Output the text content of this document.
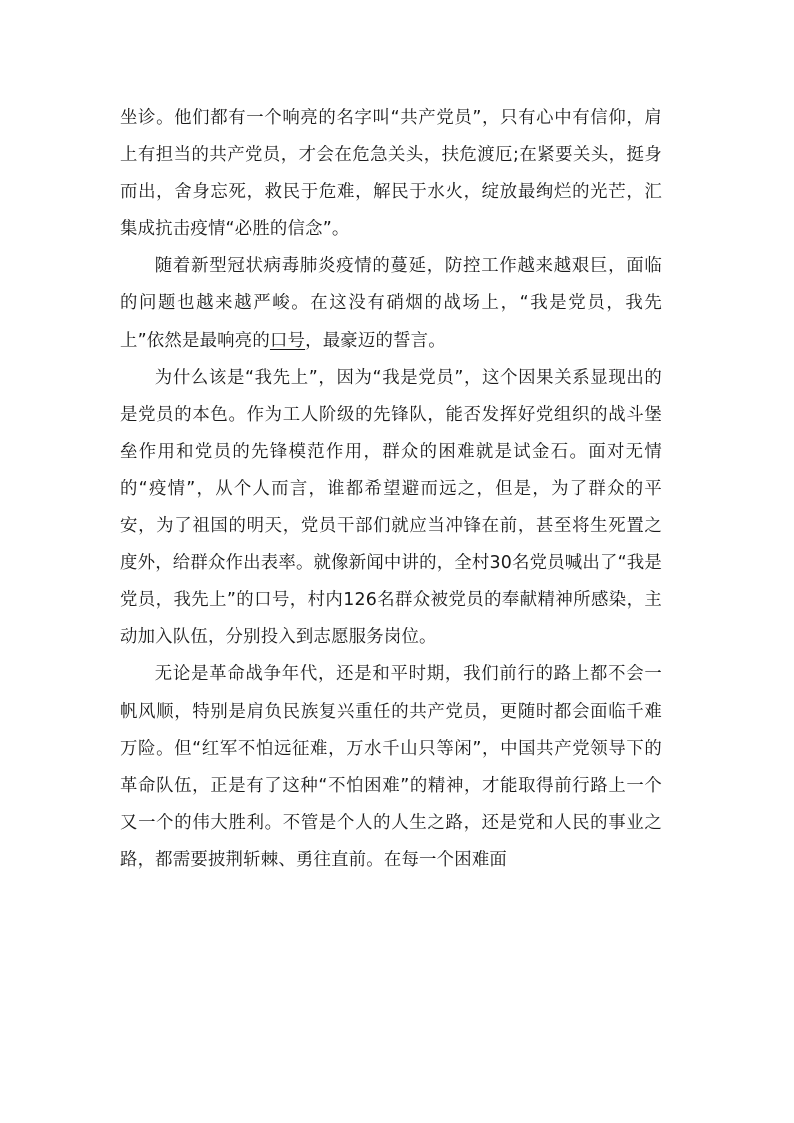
坐诊。他们都有一个响亮的名字叫“共产党员”，只有心中有信仰，肩上有担当的共产党员，才会在危急关头，扶危渡厄;在紧要关头，挺身而出，舍身忘死，救民于危难，解民于水火，绽放最绚烂的光芒，汇集成抗击疫情“必胜的信念”。

随着新型冠状病毒肺炎疫情的蔓延，防控工作越来越艰巨，面临的问题也越来越严峻。在这没有硝烟的战场上，“我是党员，我先上”依然是最响亮的口号，最豪迈的誓言。

为什么该是“我先上”，因为“我是党员”，这个因果关系显现出的是党员的本色。作为工人阶级的先锋队，能否发挥好党组织的战斗堡垒作用和党员的先锋模范作用，群众的困难就是试金石。面对无情的“疫情”，从个人而言，谁都希望避而远之，但是，为了群众的平安，为了祖国的明天，党员干部们就应当冲锋在前，甚至将生死置之度外，给群众作出表率。就像新闻中讲的，全村30名党员喊出了“我是党员，我先上”的口号，村内126名群众被党员的奉献精神所感染，主动加入队伍，分别投入到志愿服务岗位。

无论是革命战争年代，还是和平时期，我们前行的路上都不会一帆风顺，特别是肩负民族复兴重任的共产党员，更随时都会面临千难万险。但“红军不怕远征难，万水千山只等闲”，中国共产党领导下的革命队伍，正是有了这种“不怕困难”的精神，才能取得前行路上一个又一个的伟大胜利。不管是个人的人生之路，还是党和人民的事业之路，都需要披荆斩棘、勇往直前。在每一个困难面
